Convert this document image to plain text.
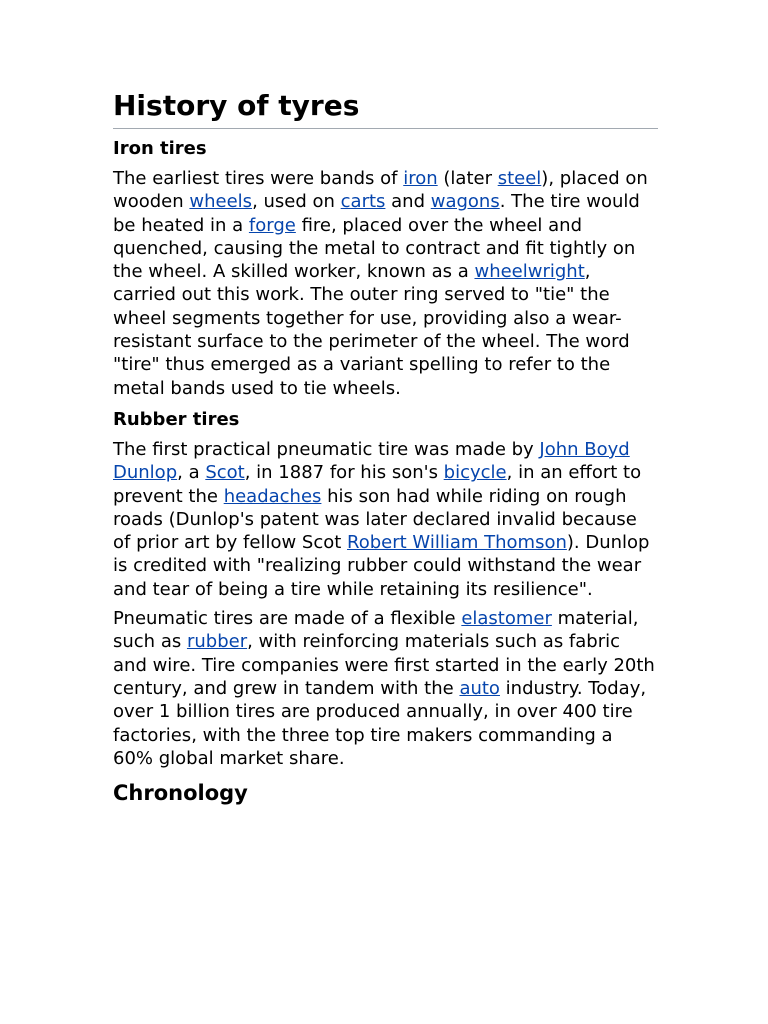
History of tyres
Iron tires

The earliest tires were bands of iron (later steel), placed on wooden wheels, used on carts and wagons. The tire would be heated in a forge fire, placed over the wheel and quenched, causing the metal to contract and fit tightly on the wheel. A skilled worker, known as a wheelwright, carried out this work. The outer ring served to "tie" the wheel segments together for use, providing also a wear-resistant surface to the perimeter of the wheel. The word "tire" thus emerged as a variant spelling to refer to the metal bands used to tie wheels.

Rubber tires

The first practical pneumatic tire was made by John Boyd Dunlop, a Scot, in 1887 for his son's bicycle, in an effort to prevent the headaches his son had while riding on rough roads (Dunlop's patent was later declared invalid because of prior art by fellow Scot Robert William Thomson). Dunlop is credited with "realizing rubber could withstand the wear and tear of being a tire while retaining its resilience".

Pneumatic tires are made of a flexible elastomer material, such as rubber, with reinforcing materials such as fabric and wire. Tire companies were first started in the early 20th century, and grew in tandem with the auto industry. Today, over 1 billion tires are produced annually, in over 400 tire factories, with the three top tire makers commanding a 60% global market share.

Chronology
